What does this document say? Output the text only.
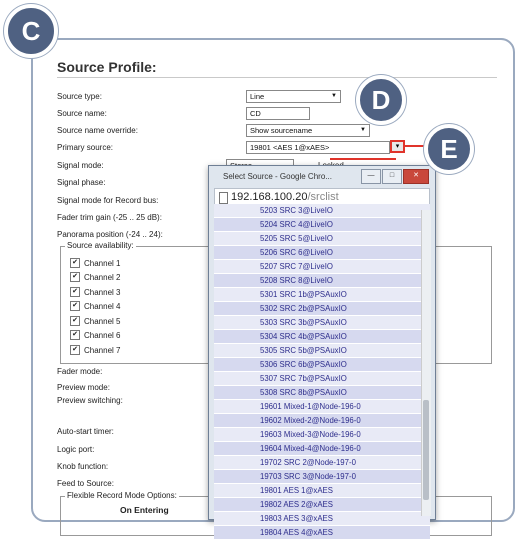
C
Source Profile:
Source type:	Line	▼
Source name:	CD
Source name override:	Show sourcename	▼
Primary source:	19801 <AES 1@xAES>	▾
Signal mode:
Signal phase:
Signal mode for Record bus:
Fader trim gain (-25 .. 25 dB):
Panorama position (-24 .. 24):
Source availability:
✔ Channel 1
✔ Channel 2
✔ Channel 3
✔ Channel 4
✔ Channel 5
✔ Channel 6
✔ Channel 7
Fader mode:
Preview mode:
Preview switching:
Auto-start timer:
Logic port:
Knob function:
Feed to Source:
Flexible Record Mode Options:
On Entering
Select Source - Google Chro...	—	□	✕
192.168.100.20/srclist
5203 SRC 3@LiveIO
5204 SRC 4@LiveIO
5205 SRC 5@LiveIO
5206 SRC 6@LiveIO
5207 SRC 7@LiveIO
5208 SRC 8@LiveIO
5301 SRC 1b@PSAuxIO
5302 SRC 2b@PSAuxIO
5303 SRC 3b@PSAuxIO
5304 SRC 4b@PSAuxIO
5305 SRC 5b@PSAuxIO
5306 SRC 6b@PSAuxIO
5307 SRC 7b@PSAuxIO
5308 SRC 8b@PSAuxIO
19601 Mixed-1@Node-196-0
19602 Mixed-2@Node-196-0
19603 Mixed-3@Node-196-0
19604 Mixed-4@Node-196-0
19702 SRC 2@Node-197-0
19703 SRC 3@Node-197-0
19801 AES 1@xAES
19802 AES 2@xAES
19803 AES 3@xAES
19804 AES 4@xAES
D
E
